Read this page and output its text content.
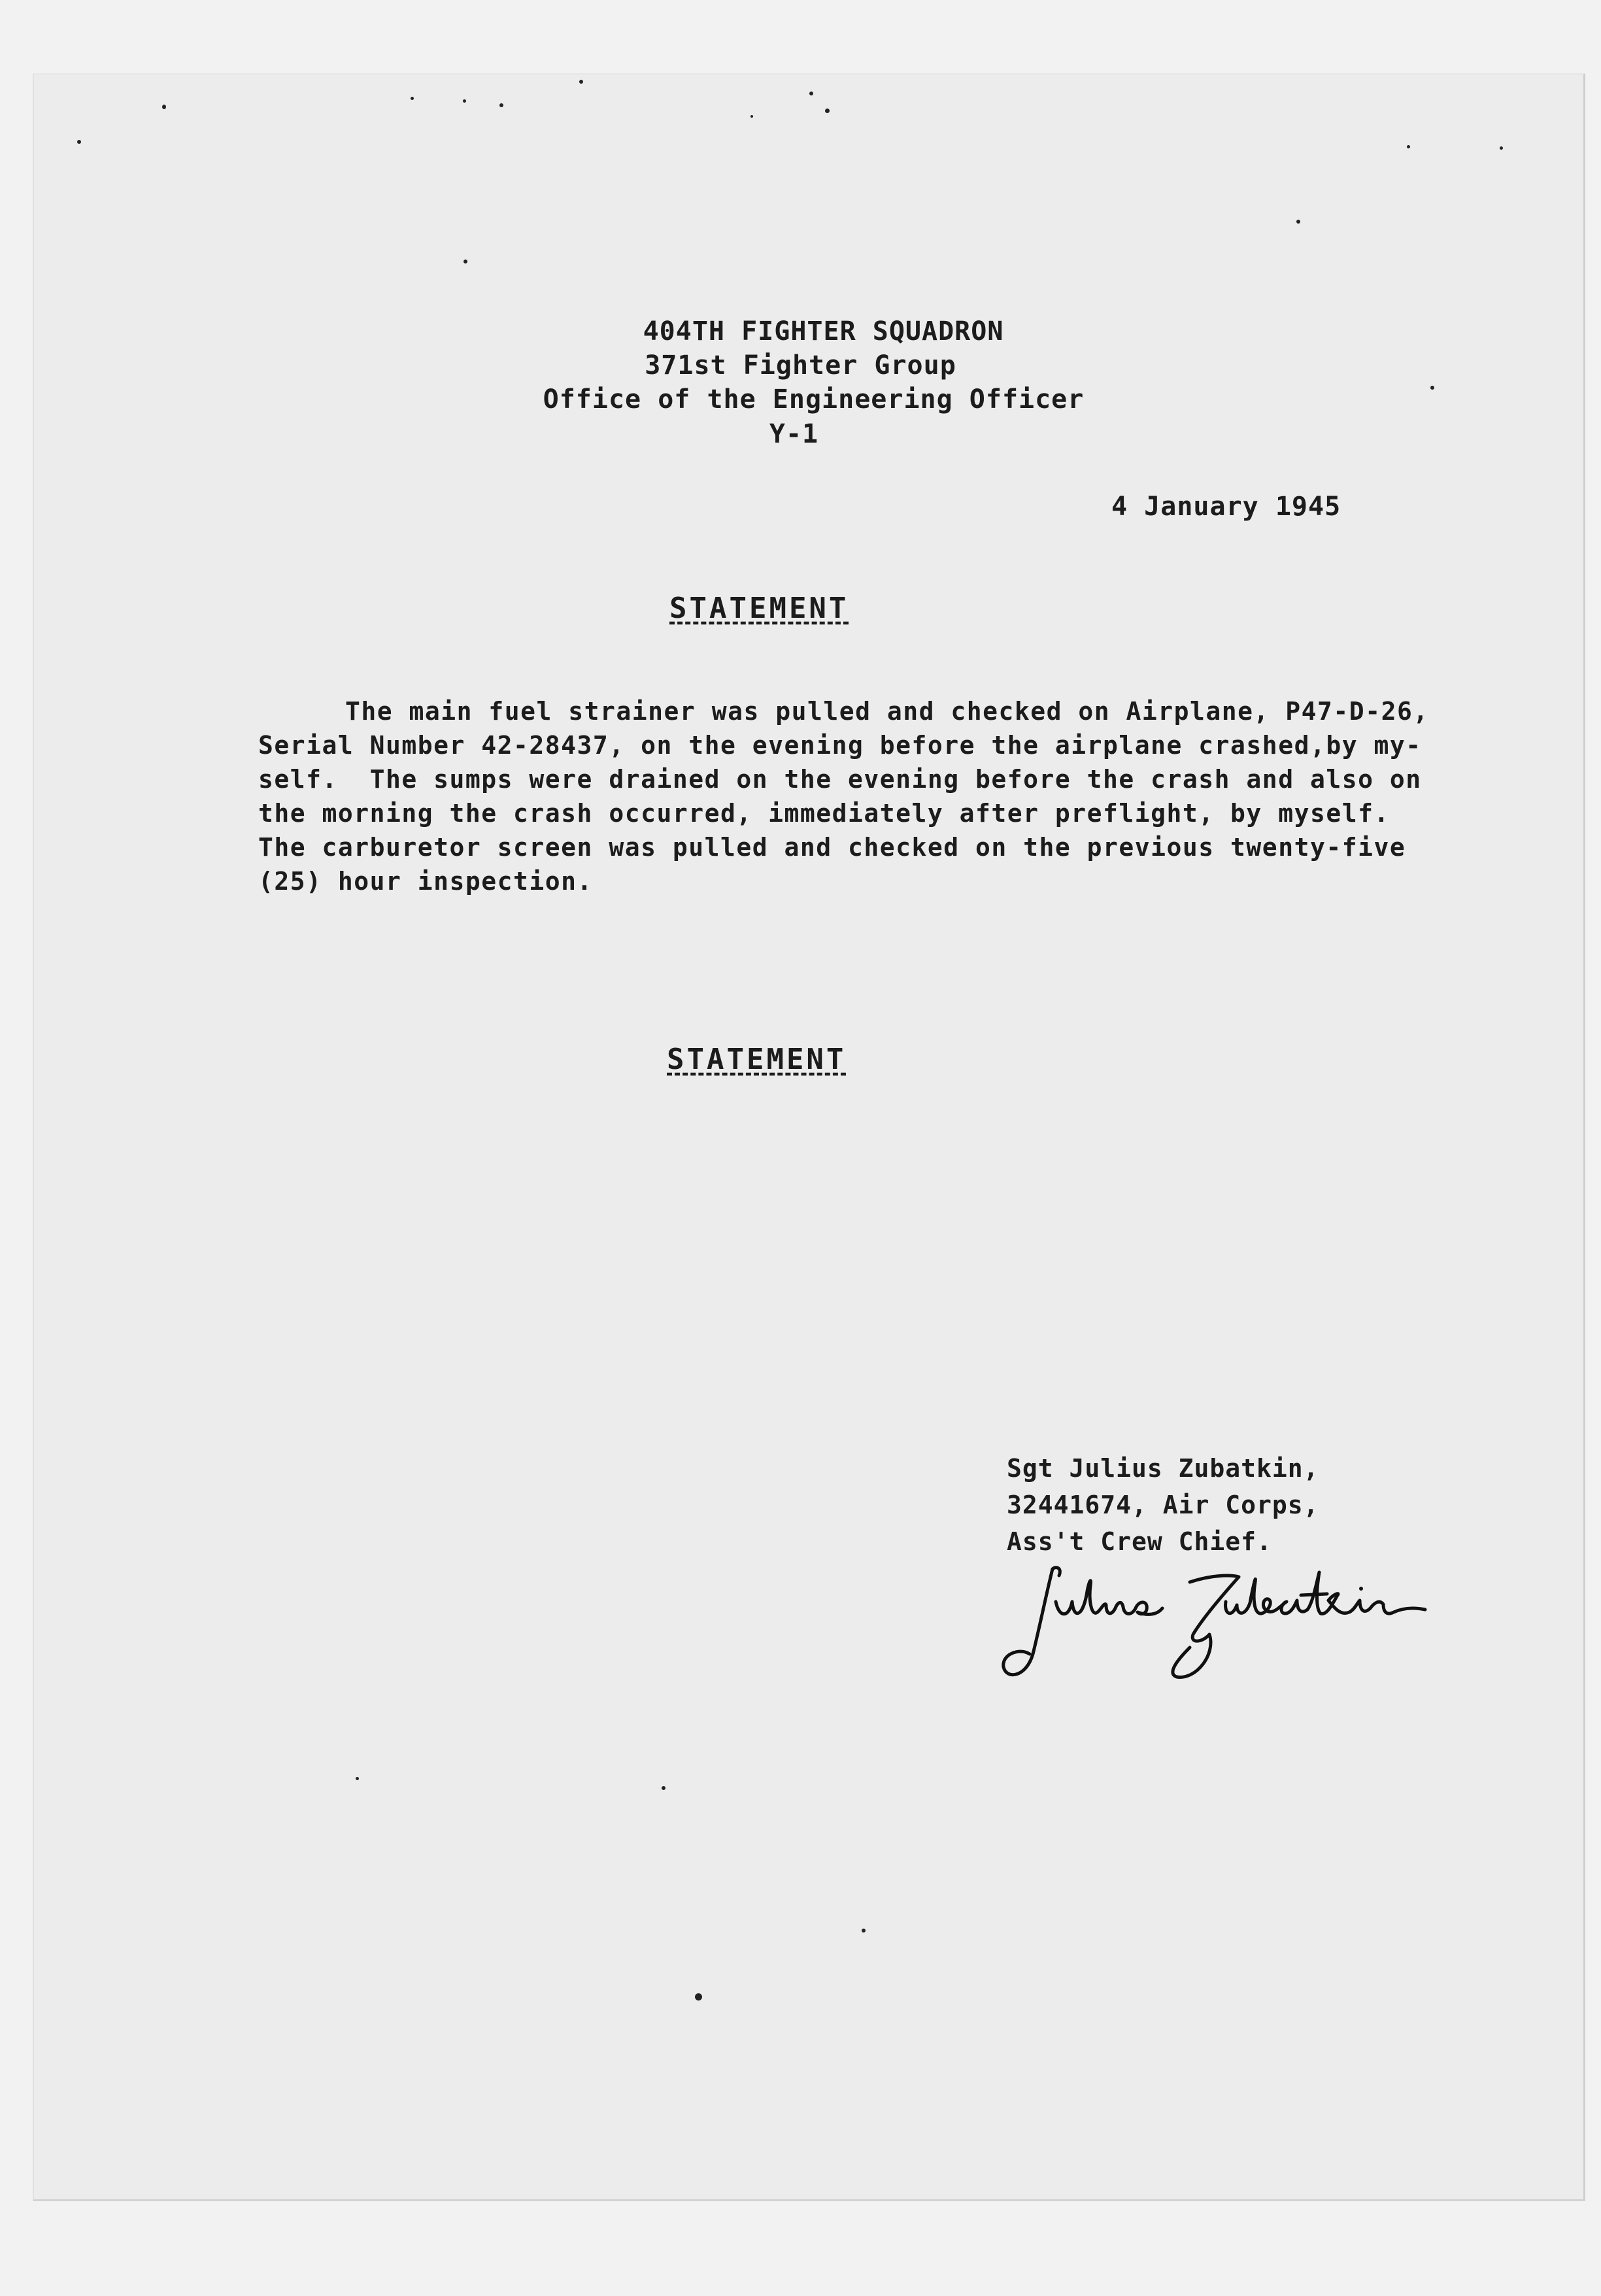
404TH FIGHTER SQUADRON
371st Fighter Group
Office of the Engineering Officer
Y-1
4 January 1945
STATEMENT
The main fuel strainer was pulled and checked on Airplane, P47-D-26,
Serial Number 42-28437, on the evening before the airplane crashed,by my-
self.  The sumps were drained on the evening before the crash and also on
the morning the crash occurred, immediately after preflight, by myself.
The carburetor screen was pulled and checked on the previous twenty-five
(25) hour inspection.
STATEMENT
Sgt Julius Zubatkin,
32441674, Air Corps,
Ass't Crew Chief.
